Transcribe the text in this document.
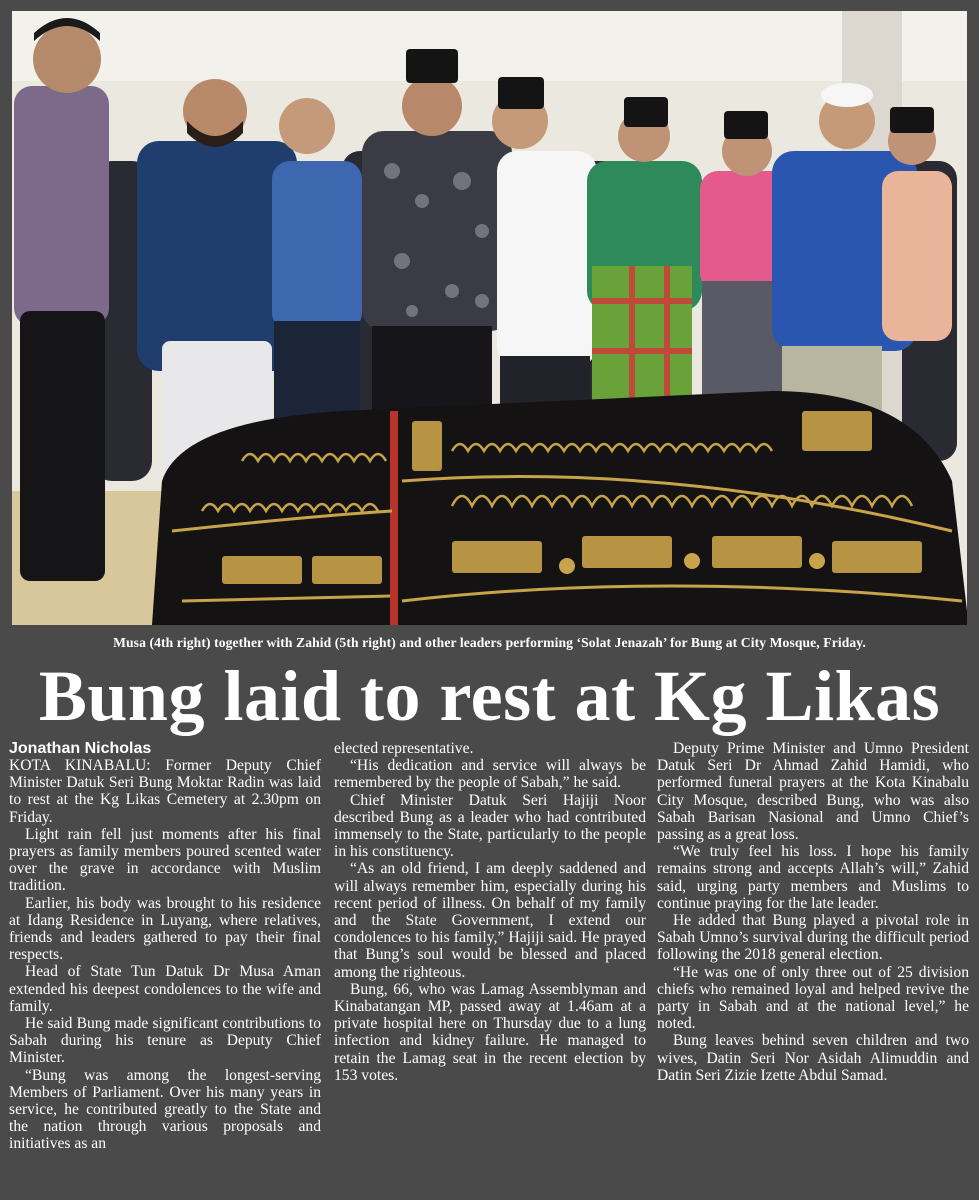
Musa (4th right) together with Zahid (5th right) and other leaders performing ‘Solat Jenazah’ for Bung at City Mosque, Friday.
Bung laid to rest at Kg Likas
Jonathan Nicholas

KOTA KINABALU: Former Deputy Chief Minister Datuk Seri Bung Moktar Radin was laid to rest at the Kg Likas Cemetery at 2.30pm on Friday.

Light rain fell just moments after his final prayers as family members poured scented water over the grave in accordance with Muslim tradition.

Earlier, his body was brought to his residence at Idang Residence in Luyang, where relatives, friends and leaders gathered to pay their final respects.

Head of State Tun Datuk Dr Musa Aman extended his deepest condolences to the wife and family.

He said Bung made significant contributions to Sabah during his tenure as Deputy Chief Minister.

“Bung was among the longest-serving Members of Parliament. Over his many years in service, he contributed greatly to the State and the nation through various proposals and initiatives as an

elected representative.

“His dedication and service will always be remembered by the people of Sabah,” he said.

Chief Minister Datuk Seri Hajiji Noor described Bung as a leader who had contributed immensely to the State, particularly to the people in his constituency.

“As an old friend, I am deeply saddened and will always remember him, especially during his recent period of illness. On behalf of my family and the State Government, I extend our condolences to his family,” Hajiji said. He prayed that Bung’s soul would be blessed and placed among the righteous.

Bung, 66, who was Lamag Assemblyman and Kinabatangan MP, passed away at 1.46am at a private hospital here on Thursday due to a lung infection and kidney failure. He managed to retain the Lamag seat in the recent election by 153 votes.

Deputy Prime Minister and Umno President Datuk Seri Dr Ahmad Zahid Hamidi, who performed funeral prayers at the Kota Kinabalu City Mosque, described Bung, who was also Sabah Barisan Nasional and Umno Chief’s passing as a great loss.

“We truly feel his loss. I hope his family remains strong and accepts Allah’s will,” Zahid said, urging party members and Muslims to continue praying for the late leader.

He added that Bung played a pivotal role in Sabah Umno’s survival during the difficult period following the 2018 general election.

“He was one of only three out of 25 division chiefs who remained loyal and helped revive the party in Sabah and at the national level,” he noted.

Bung leaves behind seven children and two wives, Datin Seri Nor Asidah Alimuddin and Datin Seri Zizie Izette Abdul Samad.
